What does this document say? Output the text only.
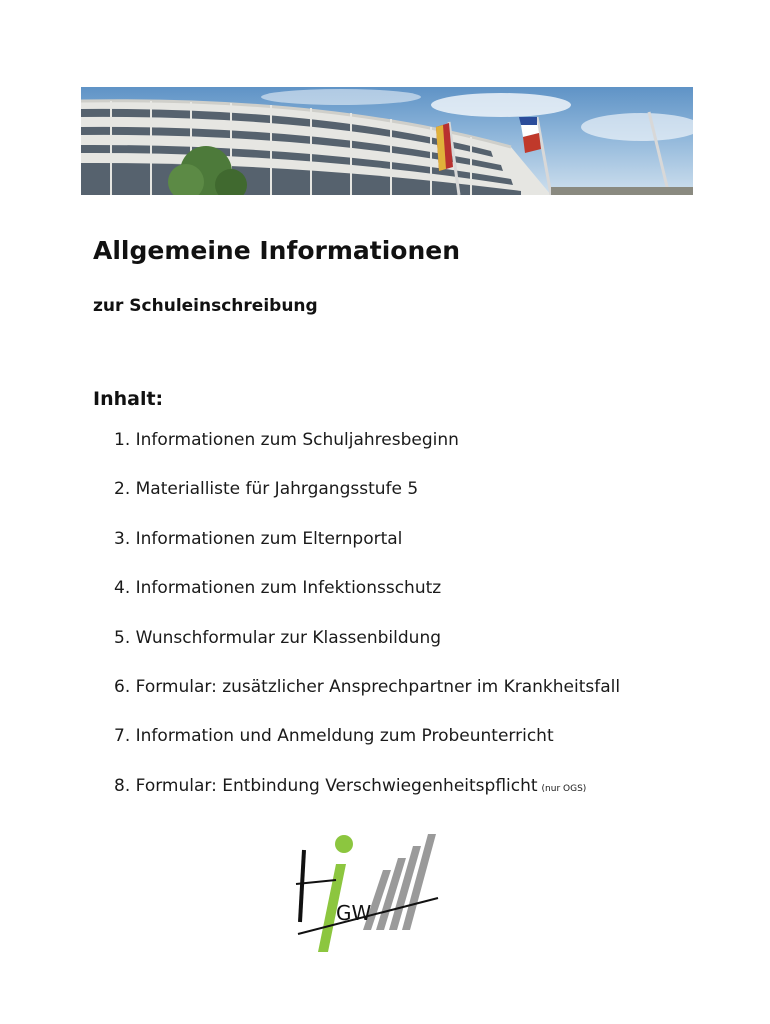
Allgemeine Informationen
zur Schuleinschreibung
Inhalt:
1. Informationen zum Schuljahresbeginn
2. Materialliste für Jahrgangsstufe 5
3. Informationen zum Elternportal
4. Informationen zum Infektionsschutz
5. Wunschformular zur Klassenbildung
6. Formular: zusätzlicher Ansprechpartner im Krankheitsfall
7. Information und Anmeldung zum Probeunterricht
8. Formular: Entbindung Verschwiegenheitspflicht (nur OGS)
GW
